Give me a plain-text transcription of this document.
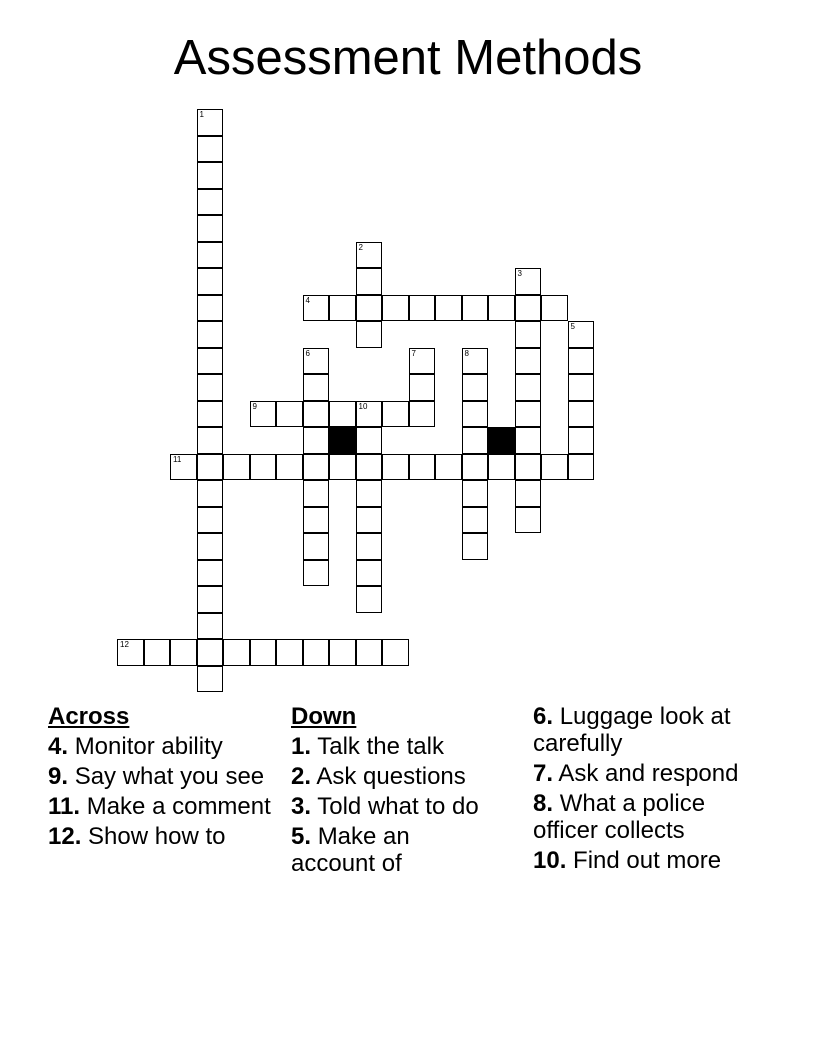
Assessment Methods
1
2
3
4
5
6	7	8
9	10
11
12
Across
4. Monitor ability
9. Say what you see
11. Make a comment
12. Show how to
Down
1. Talk the talk
2. Ask questions
3. Told what to do
5. Make an account of
6. Luggage look at carefully
7. Ask and respond
8. What a police officer collects
10. Find out more
